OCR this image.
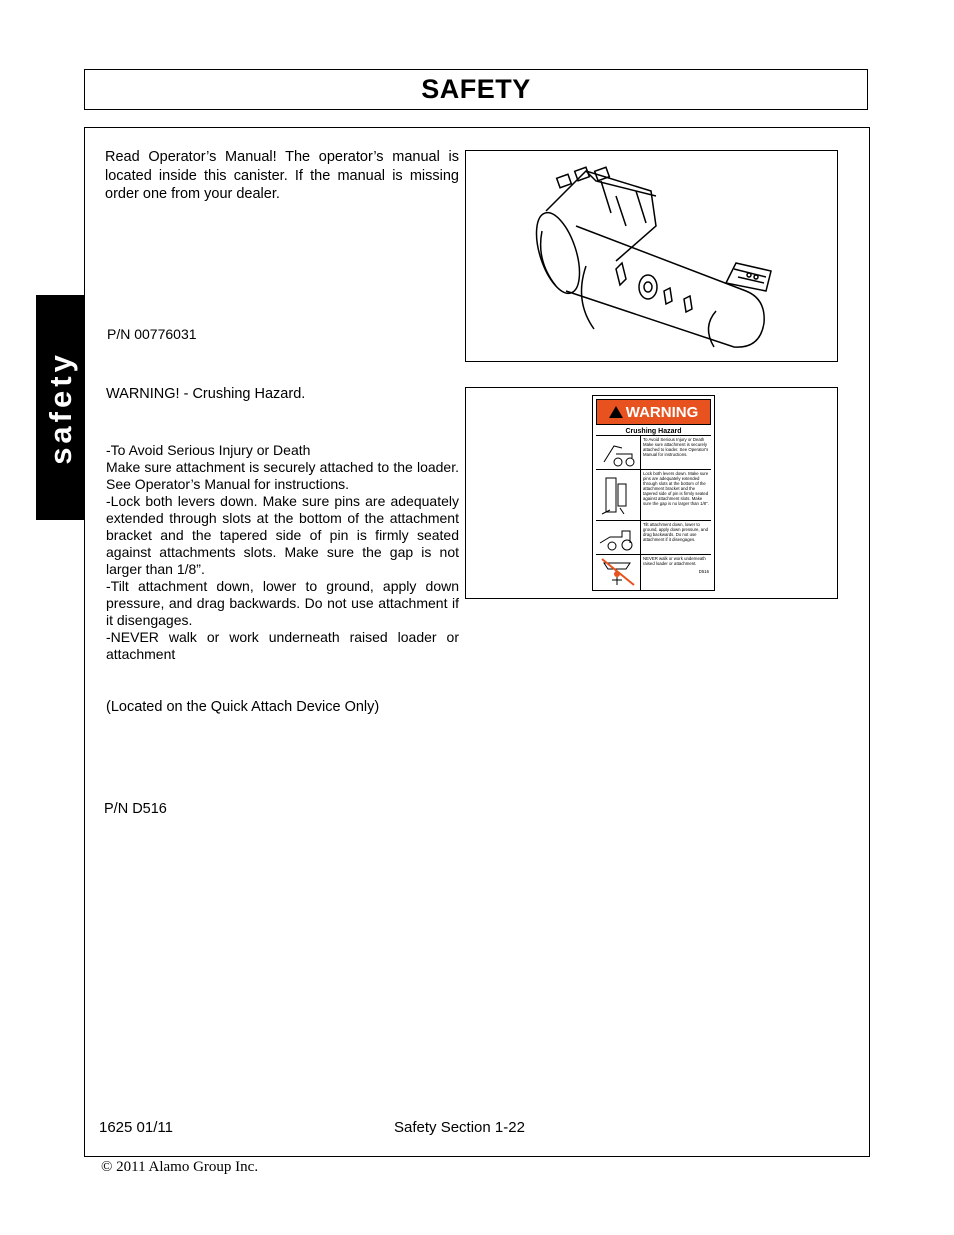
SAFETY
safety
Read Operator’s Manual! The operator’s manual is located inside this canister. If the manual is missing order one from your dealer.
P/N 00776031
WARNING! - Crushing Hazard.
-To Avoid Serious Injury or Death
Make sure attachment is securely attached to the loader. See Operator’s Manual for instructions.
-Lock both levers down. Make sure pins are adequately extended through slots at the bottom of the attachment bracket and the tapered side of pin is firmly seated against attachments slots. Make sure the gap is not larger than 1/8”.
-Tilt attachment down, lower to ground, apply down pressure, and drag backwards. Do not use attachment if it disengages.
-NEVER walk or work underneath raised loader or attachment
(Located on the Quick Attach Device Only)
P/N D516
WARNING
Crushing Hazard
To Avoid Serious Injury or Death Make sure attachment is securely attached to loader. See Operator's Manual for instructions.
Lock both levers down. Make sure pins are adequately extended through slots at the bottom of the attachment bracket and the tapered side of pin is firmly seated against attachment slots. Make sure the gap is no larger than 1/8".
Tilt attachment down, lower to ground, apply down pressure, and drag backwards. Do not use attachment if it disengages.
NEVER walk or work underneath raised loader or attachment.
D516
1625 01/11	Safety Section 1-22
© 2011 Alamo Group Inc.
